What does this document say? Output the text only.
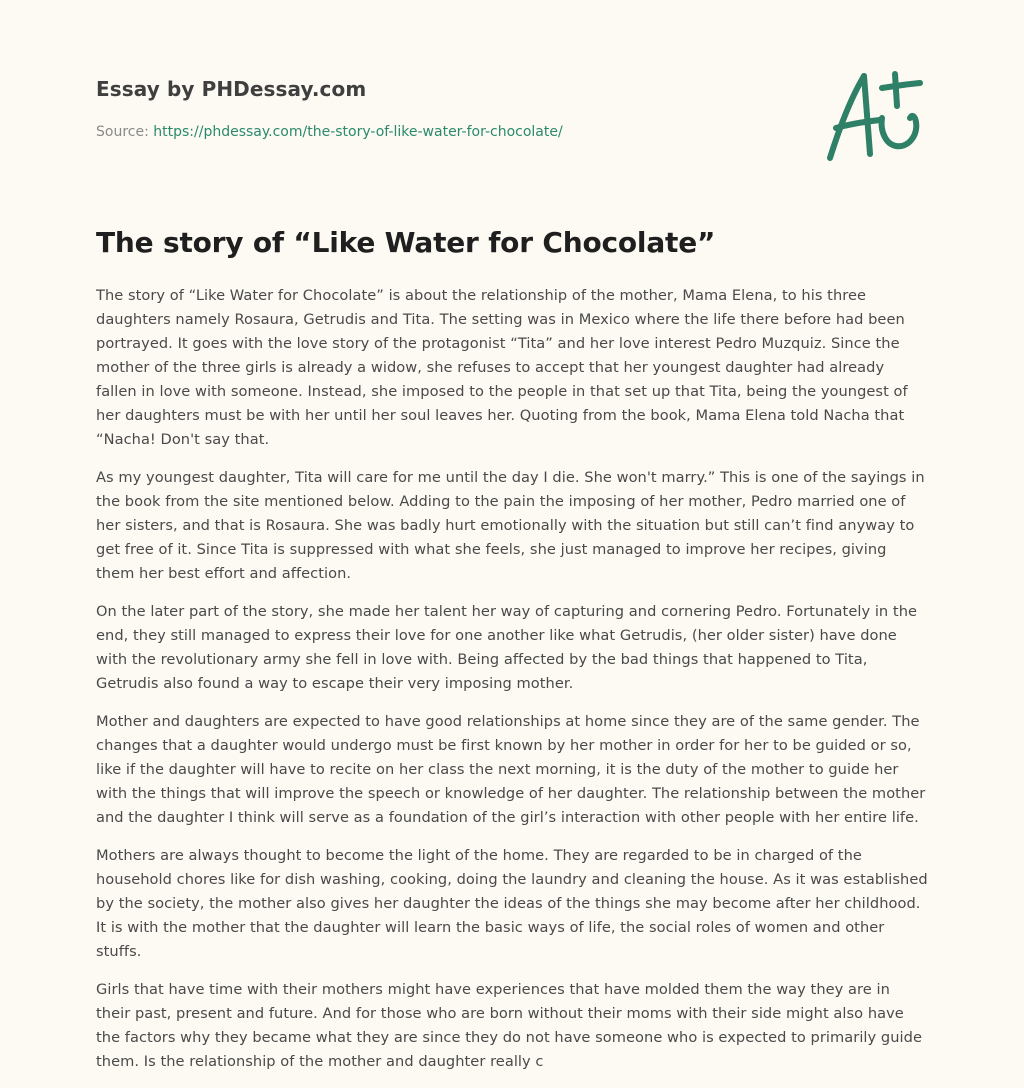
Essay by PHDessay.com
Source: https://phdessay.com/the-story-of-like-water-for-chocolate/
The story of “Like Water for Chocolate”

The story of “Like Water for Chocolate” is about the relationship of the mother, Mama Elena, to his three daughters namely Rosaura, Getrudis and Tita. The setting was in Mexico where the life there before had been portrayed. It goes with the love story of the protagonist “Tita” and her love interest Pedro Muzquiz. Since the mother of the three girls is already a widow, she refuses to accept that her youngest daughter had already fallen in love with someone. Instead, she imposed to the people in that set up that Tita, being the youngest of her daughters must be with her until her soul leaves her. Quoting from the book, Mama Elena told Nacha that “Nacha! Don't say that.

As my youngest daughter, Tita will care for me until the day I die. She won't marry.” This is one of the sayings in the book from the site mentioned below. Adding to the pain the imposing of her mother, Pedro married one of her sisters, and that is Rosaura. She was badly hurt emotionally with the situation but still can’t find anyway to get free of it. Since Tita is suppressed with what she feels, she just managed to improve her recipes, giving them her best effort and affection.

On the later part of the story, she made her talent her way of capturing and cornering Pedro. Fortunately in the end, they still managed to express their love for one another like what Getrudis, (her older sister) have done with the revolutionary army she fell in love with. Being affected by the bad things that happened to Tita, Getrudis also found a way to escape their very imposing mother.

Mother and daughters are expected to have good relationships at home since they are of the same gender. The changes that a daughter would undergo must be first known by her mother in order for her to be guided or so, like if the daughter will have to recite on her class the next morning, it is the duty of the mother to guide her with the things that will improve the speech or knowledge of her daughter. The relationship between the mother and the daughter I think will serve as a foundation of the girl’s interaction with other people with her entire life.

Mothers are always thought to become the light of the home. They are regarded to be in charged of the household chores like for dish washing, cooking, doing the laundry and cleaning the house. As it was established by the society, the mother also gives her daughter the ideas of the things she may become after her childhood. It is with the mother that the daughter will learn the basic ways of life, the social roles of women and other stuffs.

Girls that have time with their mothers might have experiences that have molded them the way they are in their past, present and future. And for those who are born without their moms with their side might also have the factors why they became what they are since they do not have someone who is expected to primarily guide them. Is the relationship of the mother and daughter really c
